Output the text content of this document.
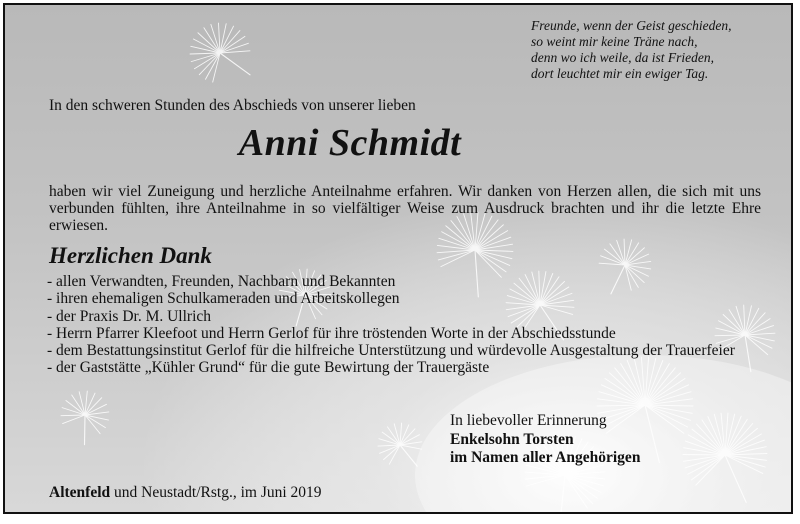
Freunde, wenn der Geist geschieden,
so weint mir keine Träne nach,
denn wo ich weile, da ist Frieden,
dort leuchtet mir ein ewiger Tag.
In den schweren Stunden des Abschieds von unserer lieben
Anni Schmidt
haben wir viel Zuneigung und herzliche Anteilnahme erfahren. Wir danken von Herzen allen, die sich mit uns verbunden fühlten, ihre Anteilnahme in so vielfältiger Weise zum Ausdruck brachten und ihr die letzte Ehre erwiesen.
Herzlichen Dank
- allen Verwandten, Freunden, Nachbarn und Bekannten
- ihren ehemaligen Schulkameraden und Arbeitskollegen
- der Praxis Dr. M. Ullrich
- Herrn Pfarrer Kleefoot und Herrn Gerlof für ihre tröstenden Worte in der Abschiedsstunde
- dem Bestattungsinstitut Gerlof für die hilfreiche Unterstützung und würdevolle Ausgestaltung der Trauerfeier
- der Gaststätte „Kühler Grund“ für die gute Bewirtung der Trauergäste
In liebevoller Erinnerung
Enkelsohn Torsten
im Namen aller Angehörigen
Altenfeld und Neustadt/Rstg., im Juni 2019
